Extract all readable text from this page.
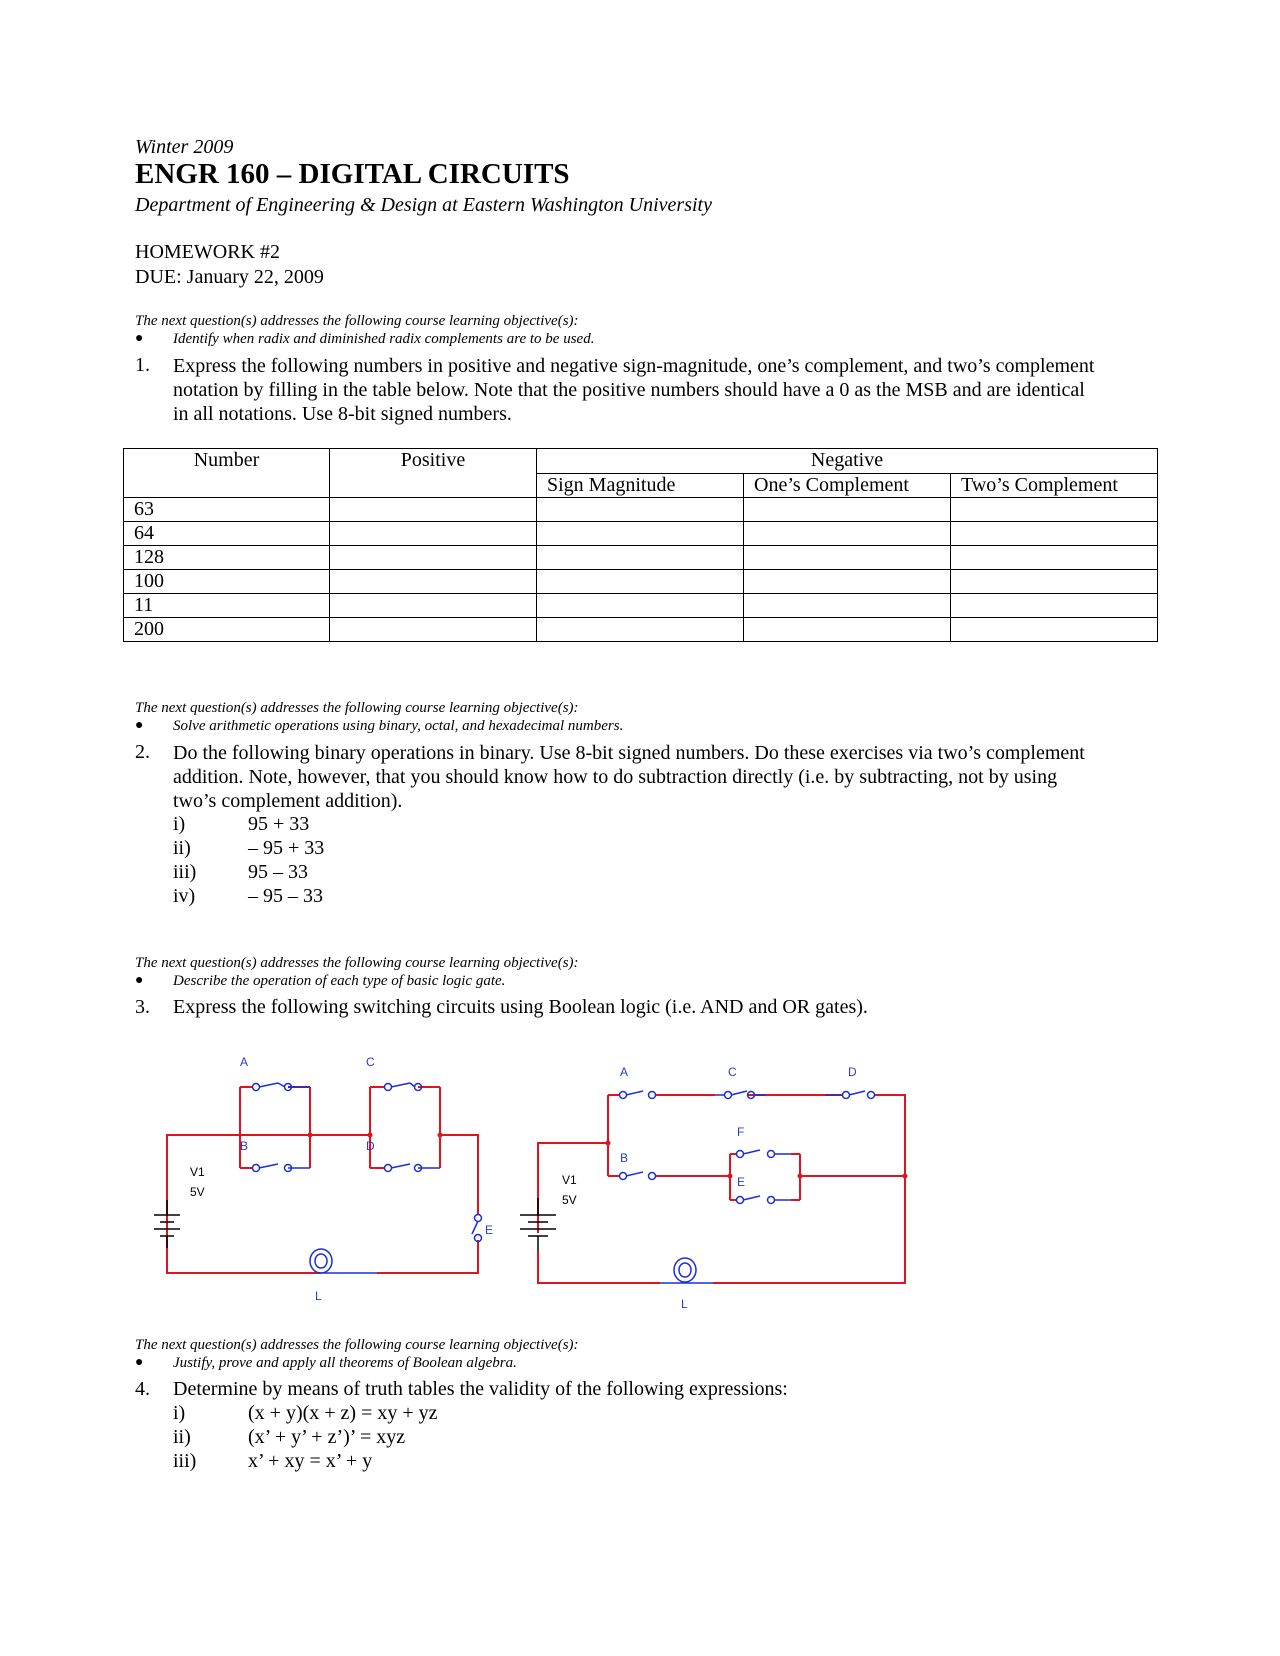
Winter 2009
ENGR 160 – DIGITAL CIRCUITS
Department of Engineering & Design at Eastern Washington University
HOMEWORK #2
DUE: January 22, 2009
The next question(s) addresses the following course learning objective(s):
● Identify when radix and diminished radix complements are to be used.
1. Express the following numbers in positive and negative sign-magnitude, one’s complement, and two’s complement
notation by filling in the table below. Note that the positive numbers should have a 0 as the MSB and are identical
in all notations. Use 8-bit signed numbers.
Number	Positive	Negative		
		Sign Magnitude	One’s Complement	Two’s Complement
63				
64				
128				
100				
11				
200				
The next question(s) addresses the following course learning objective(s):
● Solve arithmetic operations using binary, octal, and hexadecimal numbers.
2. Do the following binary operations in binary. Use 8-bit signed numbers. Do these exercises via two’s complement
addition. Note, however, that you should know how to do subtraction directly (i.e. by subtracting, not by using
two’s complement addition).
i)	95 + 33
ii)	– 95 + 33
iii)	95 – 33
iv)	– 95 – 33
The next question(s) addresses the following course learning objective(s):
● Describe the operation of each type of basic logic gate.
3. Express the following switching circuits using Boolean logic (i.e. AND and OR gates).
A	C
B	D
E
L
V1
5V
A	C	D
F
B
E
L
V1
5V
The next question(s) addresses the following course learning objective(s):
● Justify, prove and apply all theorems of Boolean algebra.
4. Determine by means of truth tables the validity of the following expressions:
i)	(x + y)(x + z) = xy + yz
ii)	(x’ + y’ + z’)’ = xyz
iii)	x’ + xy = x’ + y
